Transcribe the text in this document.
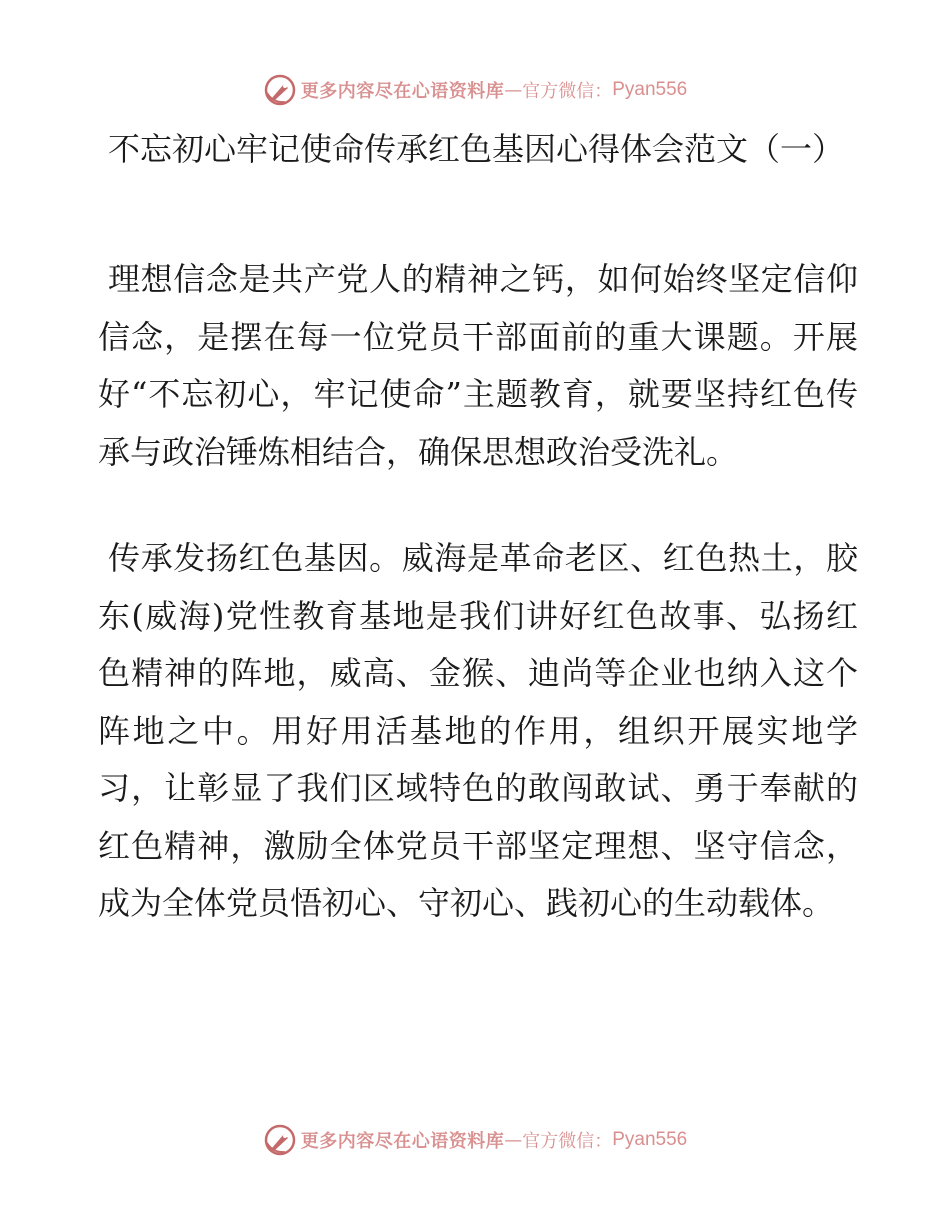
更多内容尽在心语资料库 — 官方微信： Pyan556
不忘初心牢记使命传承红色基因心得体会范文（一）

理想信念是共产党人的精神之钙，如何始终坚定信仰信念，是摆在每一位党员干部面前的重大课题。开展好“不忘初心，牢记使命”主题教育，就要坚持红色传承与政治锤炼相结合，确保思想政治受洗礼。

传承发扬红色基因。威海是革命老区、红色热土，胶东(威海)党性教育基地是我们讲好红色故事、弘扬红色精神的阵地，威高、金猴、迪尚等企业也纳入这个阵地之中。用好用活基地的作用，组织开展实地学习，让彰显了我们区域特色的敢闯敢试、勇于奉献的红色精神，激励全体党员干部坚定理想、坚守信念，成为全体党员悟初心、守初心、践初心的生动载体。

更多内容尽在心语资料库 — 官方微信： Pyan556
